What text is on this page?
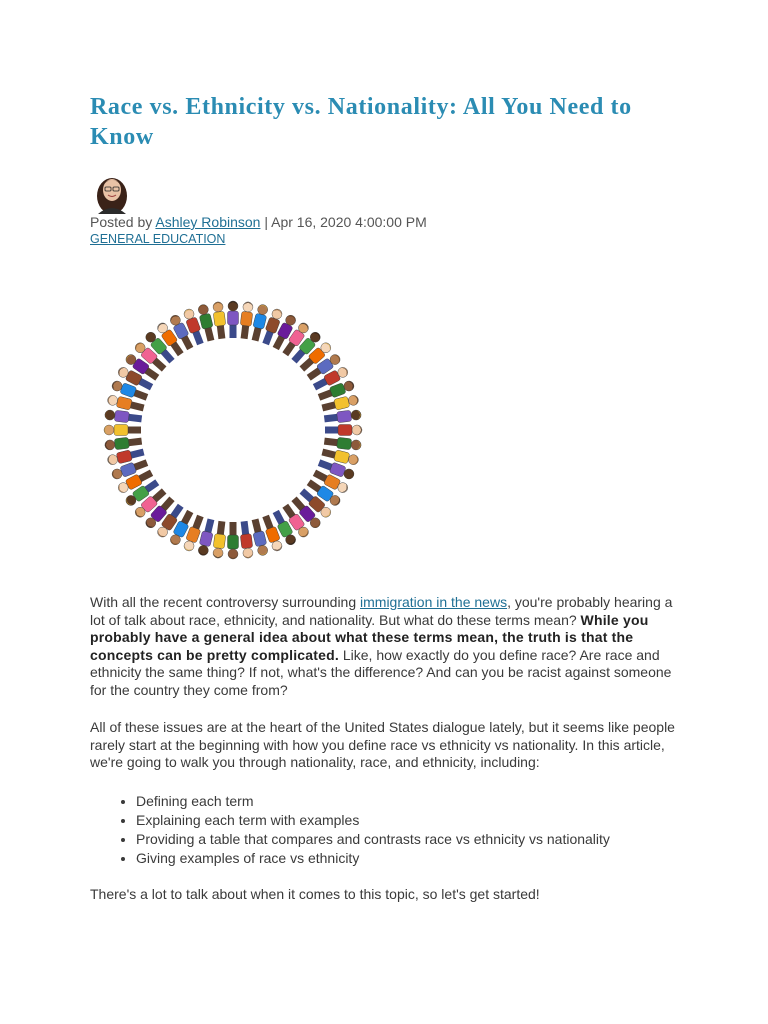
Race vs. Ethnicity vs. Nationality: All You Need to Know
Posted by Ashley Robinson | Apr 16, 2020 4:00:00 PM
GENERAL EDUCATION

With all the recent controversy surrounding immigration in the news, you're probably hearing a lot of talk about race, ethnicity, and nationality. But what do these terms mean? While you probably have a general idea about what these terms mean, the truth is that the concepts can be pretty complicated. Like, how exactly do you define race? Are race and ethnicity the same thing? If not, what's the difference? And can you be racist against someone for the country they come from?

All of these issues are at the heart of the United States dialogue lately, but it seems like people rarely start at the beginning with how you define race vs ethnicity vs nationality. In this article, we're going to walk you through nationality, race, and ethnicity, including:

• Defining each term
• Explaining each term with examples
• Providing a table that compares and contrasts race vs ethnicity vs nationality
• Giving examples of race vs ethnicity

There's a lot to talk about when it comes to this topic, so let's get started!
